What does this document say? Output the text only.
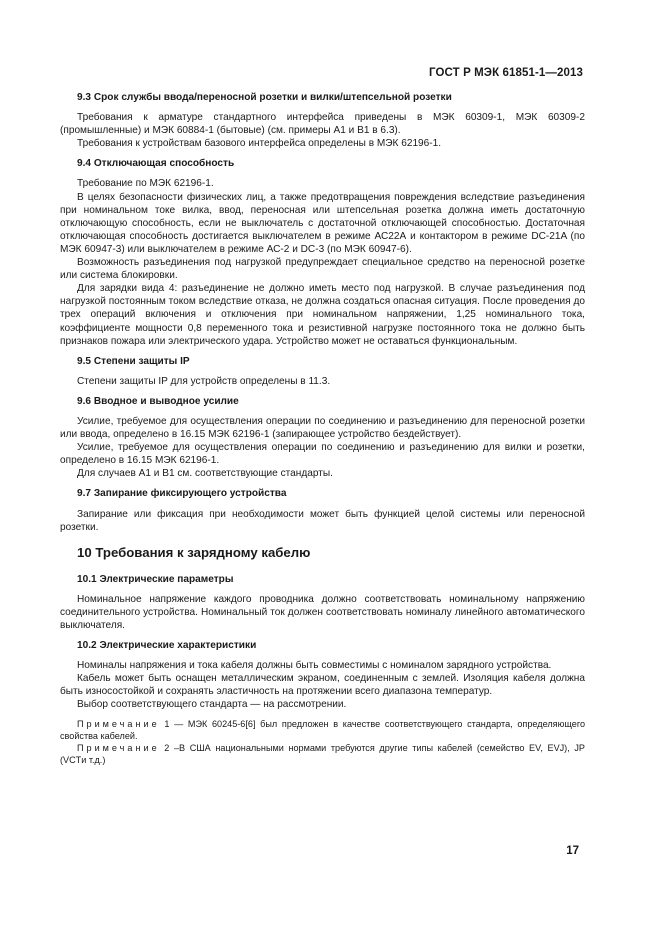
ГОСТ Р МЭК 61851-1—2013

9.3 Срок службы ввода/переносной розетки и вилки/штепсельной розетки

Требования к арматуре стандартного интерфейса приведены в МЭК 60309-1, МЭК 60309-2 (промышленные) и МЭК 60884-1 (бытовые) (см. примеры А1 и В1 в 6.3).

Требования к устройствам базового интерфейса определены в МЭК 62196-1.

9.4 Отключающая способность

Требование по МЭК 62196-1.

В целях безопасности физических лиц, а также предотвращения повреждения вследствие разъединения при номинальном токе вилка, ввод, переносная или штепсельная розетка должна иметь достаточную отключающую способность, если не выключатель с достаточной отключающей способностью. Достаточная отключающая способность достигается выключателем в режиме АС22А и контактором в режиме DC-21A (по МЭК 60947-3) или выключателем в режиме АС-2 и DC-3 (по МЭК 60947-6).

Возможность разъединения под нагрузкой предупреждает специальное средство на переносной розетке или система блокировки.

Для зарядки вида 4: разъединение не должно иметь место под нагрузкой. В случае разъединения под нагрузкой постоянным током вследствие отказа, не должна создаться опасная ситуация. После проведения до трех операций включения и отключения при номинальном напряжении, 1,25 номинального тока, коэффициенте мощности 0,8 переменного тока и резистивной нагрузке постоянного тока не должно быть признаков пожара или электрического удара. Устройство может не оставаться функциональным.

9.5 Степени защиты IP

Степени защиты IP для устройств определены в 11.3.

9.6 Вводное и выводное усилие

Усилие, требуемое для осуществления операции по соединению и разъединению для переносной розетки или ввода, определено в 16.15 МЭК 62196-1 (запирающее устройство бездействует).

Усилие, требуемое для осуществления операции по соединению и разъединению для вилки и розетки, определено в 16.15 МЭК 62196-1.

Для случаев А1 и В1 см. соответствующие стандарты.

9.7 Запирание фиксирующего устройства

Запирание или фиксация при необходимости может быть функцией целой системы или переносной розетки.

10 Требования к зарядному кабелю

10.1 Электрические параметры

Номинальное напряжение каждого проводника должно соответствовать номинальному напряжению соединительного устройства. Номинальный ток должен соответствовать номиналу линейного автоматического выключателя.

10.2 Электрические характеристики

Номиналы напряжения и тока кабеля должны быть совместимы с номиналом зарядного устройства.

Кабель может быть оснащен металлическим экраном, соединенным с землей. Изоляция кабеля должна быть износостойкой и сохранять эластичность на протяжении всего диапазона температур.

Выбор соответствующего стандарта — на рассмотрении.

Примечание 1 — МЭК 60245-6[6] был предложен в качестве соответствующего стандарта, определяющего свойства кабелей.

Примечание 2 –В США национальными нормами требуются другие типы кабелей (семейство EV, EVJ), JP (VCTи т.д.)

17
